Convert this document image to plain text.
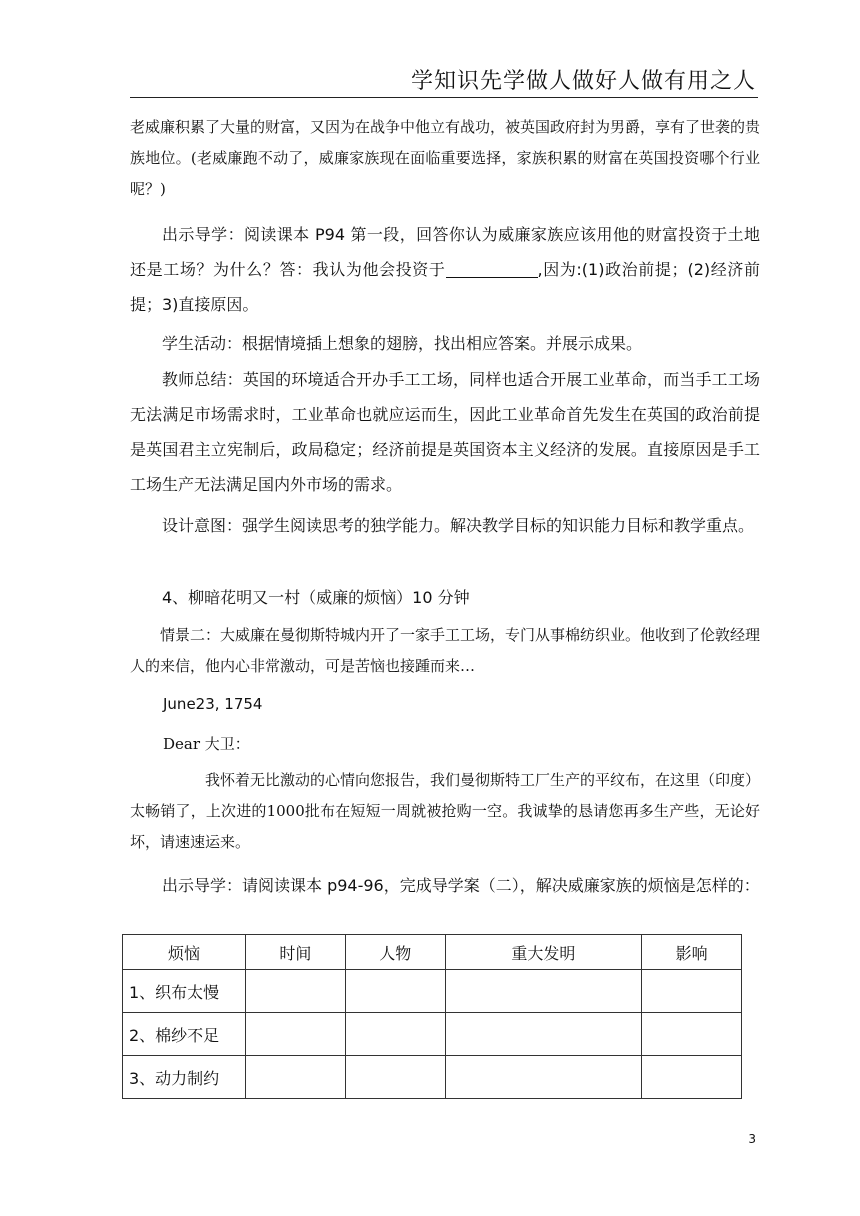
学知识先学做人做好人做有用之人

老威廉积累了大量的财富，又因为在战争中他立有战功，被英国政府封为男爵，享有了世袭的贵族地位。(老威廉跑不动了，威廉家族现在面临重要选择，家族积累的财富在英国投资哪个行业呢？)

出示导学：阅读课本 P94 第一段，回答你认为威廉家族应该用他的财富投资于土地还是工场？为什么？答：我认为他会投资于	,因为:(1)政治前提；(2)经济前提；3)直接原因。

学生活动：根据情境插上想象的翅膀，找出相应答案。并展示成果。

教师总结：英国的环境适合开办手工工场，同样也适合开展工业革命，而当手工工场无法满足市场需求时，工业革命也就应运而生，因此工业革命首先发生在英国的政治前提是英国君主立宪制后，政局稳定；经济前提是英国资本主义经济的发展。直接原因是手工工场生产无法满足国内外市场的需求。

设计意图：强学生阅读思考的独学能力。解决教学目标的知识能力目标和教学重点。

4、柳暗花明又一村（威廉的烦恼）10 分钟

情景二：大威廉在曼彻斯特城内开了一家手工工场，专门从事棉纺织业。他收到了伦敦经理人的来信，他内心非常激动，可是苦恼也接踵而来…

June23, 1754
Dear 大卫：

我怀着无比激动的心情向您报告，我们曼彻斯特工厂生产的平纹布，在这里（印度）太畅销了，上次进的1000批布在短短一周就被抢购一空。我诚挚的恳请您再多生产些，无论好坏，请速速运来。

出示导学：请阅读课本 p94-96，完成导学案（二），解决威廉家族的烦恼是怎样的：

烦恼	时间	人物	重大发明	影响
1、织布太慢				
2、棉纱不足				
3、动力制约				
3
